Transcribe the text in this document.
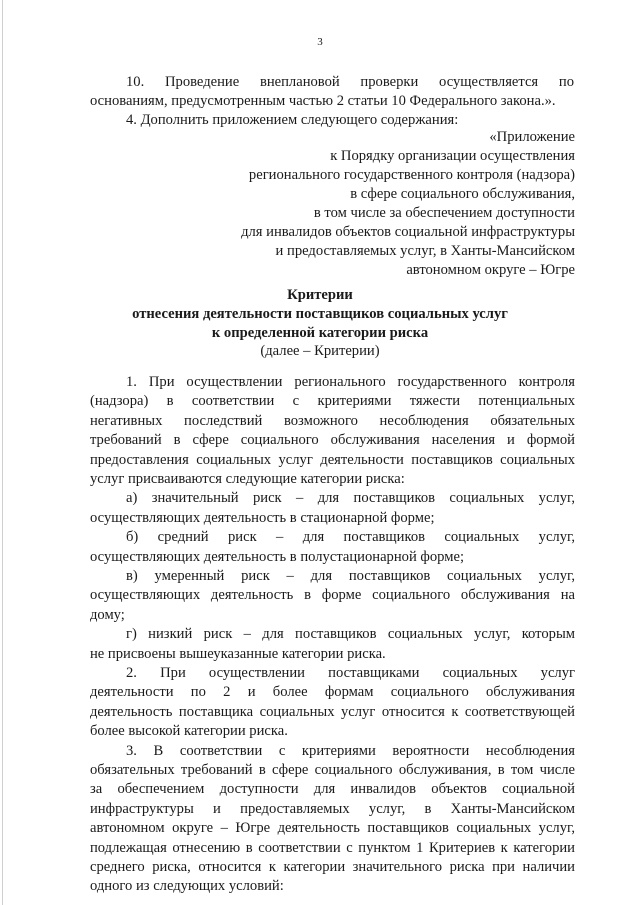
3
10. Проведение внеплановой проверки осуществляется по
основаниям, предусмотренным частью 2 статьи 10 Федерального закона.».
4. Дополнить приложением следующего содержания:
«Приложение
к Порядку организации осуществления
регионального государственного контроля (надзора)
в сфере социального обслуживания,
в том числе за обеспечением доступности
для инвалидов объектов социальной инфраструктуры
и предоставляемых услуг, в Ханты-Мансийском
автономном округе – Югре
Критерии
отнесения деятельности поставщиков социальных услуг
к определенной категории риска
(далее – Критерии)
1. При осуществлении регионального государственного контроля
(надзора) в соответствии с критериями тяжести потенциальных
негативных последствий возможного несоблюдения обязательных
требований в сфере социального обслуживания населения и формой
предоставления социальных услуг деятельности поставщиков социальных
услуг присваиваются следующие категории риска:
а) значительный риск – для поставщиков социальных услуг,
осуществляющих деятельность в стационарной форме;
б) средний риск – для поставщиков социальных услуг,
осуществляющих деятельность в полустационарной форме;
в) умеренный риск – для поставщиков социальных услуг,
осуществляющих деятельность в форме социального обслуживания на
дому;
г) низкий риск – для поставщиков социальных услуг, которым
не присвоены вышеуказанные категории риска.
2. При осуществлении поставщиками социальных услуг
деятельности по 2 и более формам социального обслуживания
деятельность поставщика социальных услуг относится к соответствующей
более высокой категории риска.
3. В соответствии с критериями вероятности несоблюдения
обязательных требований в сфере социального обслуживания, в том числе
за обеспечением доступности для инвалидов объектов социальной
инфраструктуры и предоставляемых услуг, в Ханты-Мансийском
автономном округе – Югре деятельность поставщиков социальных услуг,
подлежащая отнесению в соответствии с пунктом 1 Критериев к категории
среднего риска, относится к категории значительного риска при наличии
одного из следующих условий:
